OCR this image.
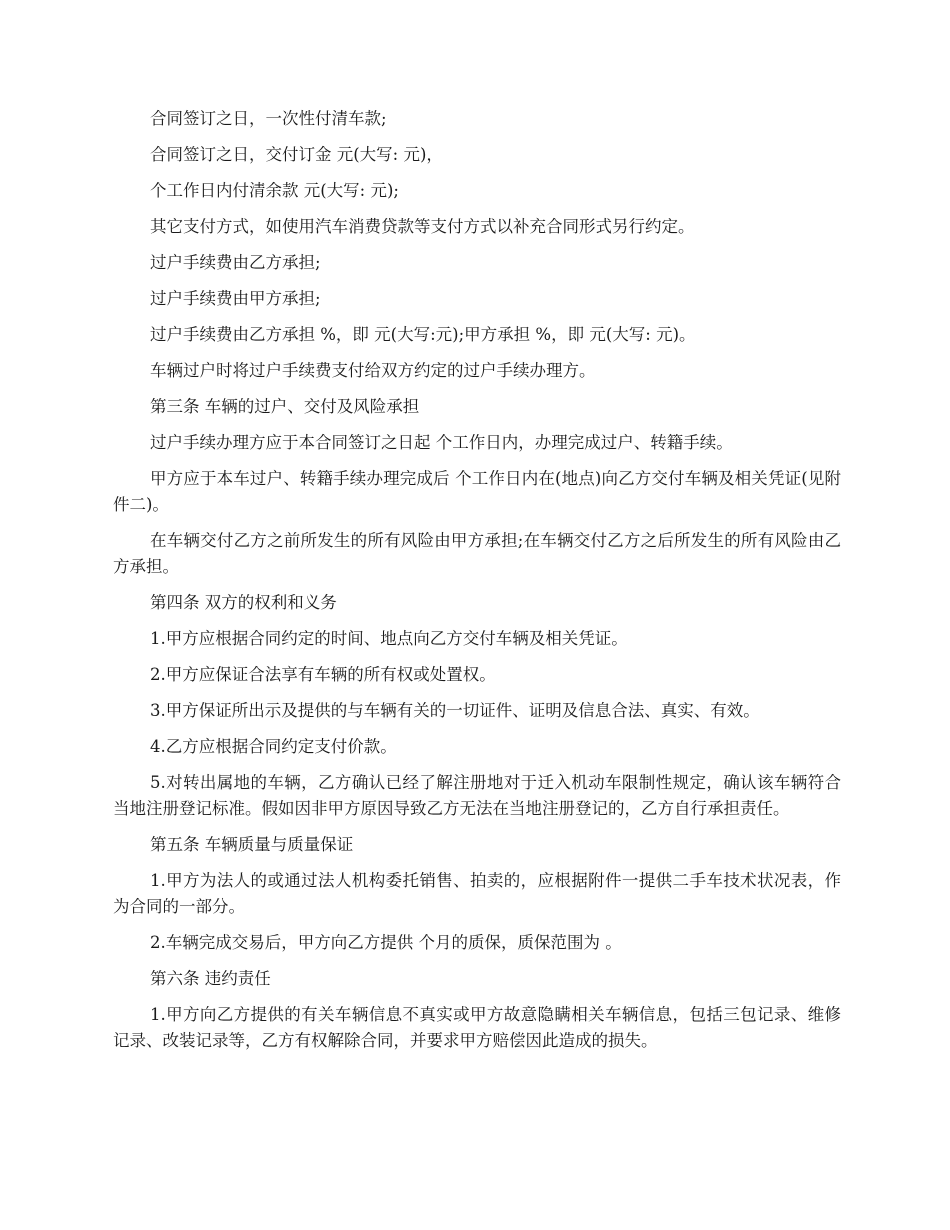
合同签订之日，一次性付清车款;

合同签订之日，交付订金 元(大写: 元)，

个工作日内付清余款 元(大写: 元);

其它支付方式，如使用汽车消费贷款等支付方式以补充合同形式另行约定。

过户手续费由乙方承担;

过户手续费由甲方承担;

过户手续费由乙方承担 %，即 元(大写:元);甲方承担 %，即 元(大写: 元)。

车辆过户时将过户手续费支付给双方约定的过户手续办理方。

第三条 车辆的过户、交付及风险承担

过户手续办理方应于本合同签订之日起 个工作日内，办理完成过户、转籍手续。

甲方应于本车过户、转籍手续办理完成后 个工作日内在(地点)向乙方交付车辆及相关凭证(见附件二)。

在车辆交付乙方之前所发生的所有风险由甲方承担;在车辆交付乙方之后所发生的所有风险由乙方承担。

第四条 双方的权利和义务

1.甲方应根据合同约定的时间、地点向乙方交付车辆及相关凭证。

2.甲方应保证合法享有车辆的所有权或处置权。

3.甲方保证所出示及提供的与车辆有关的一切证件、证明及信息合法、真实、有效。

4.乙方应根据合同约定支付价款。

5.对转出属地的车辆，乙方确认已经了解注册地对于迁入机动车限制性规定，确认该车辆符合当地注册登记标准。假如因非甲方原因导致乙方无法在当地注册登记的，乙方自行承担责任。

第五条 车辆质量与质量保证

1.甲方为法人的或通过法人机构委托销售、拍卖的，应根据附件一提供二手车技术状况表，作为合同的一部分。

2.车辆完成交易后，甲方向乙方提供 个月的质保，质保范围为 。

第六条 违约责任

1.甲方向乙方提供的有关车辆信息不真实或甲方故意隐瞒相关车辆信息，包括三包记录、维修记录、改装记录等，乙方有权解除合同，并要求甲方赔偿因此造成的损失。
